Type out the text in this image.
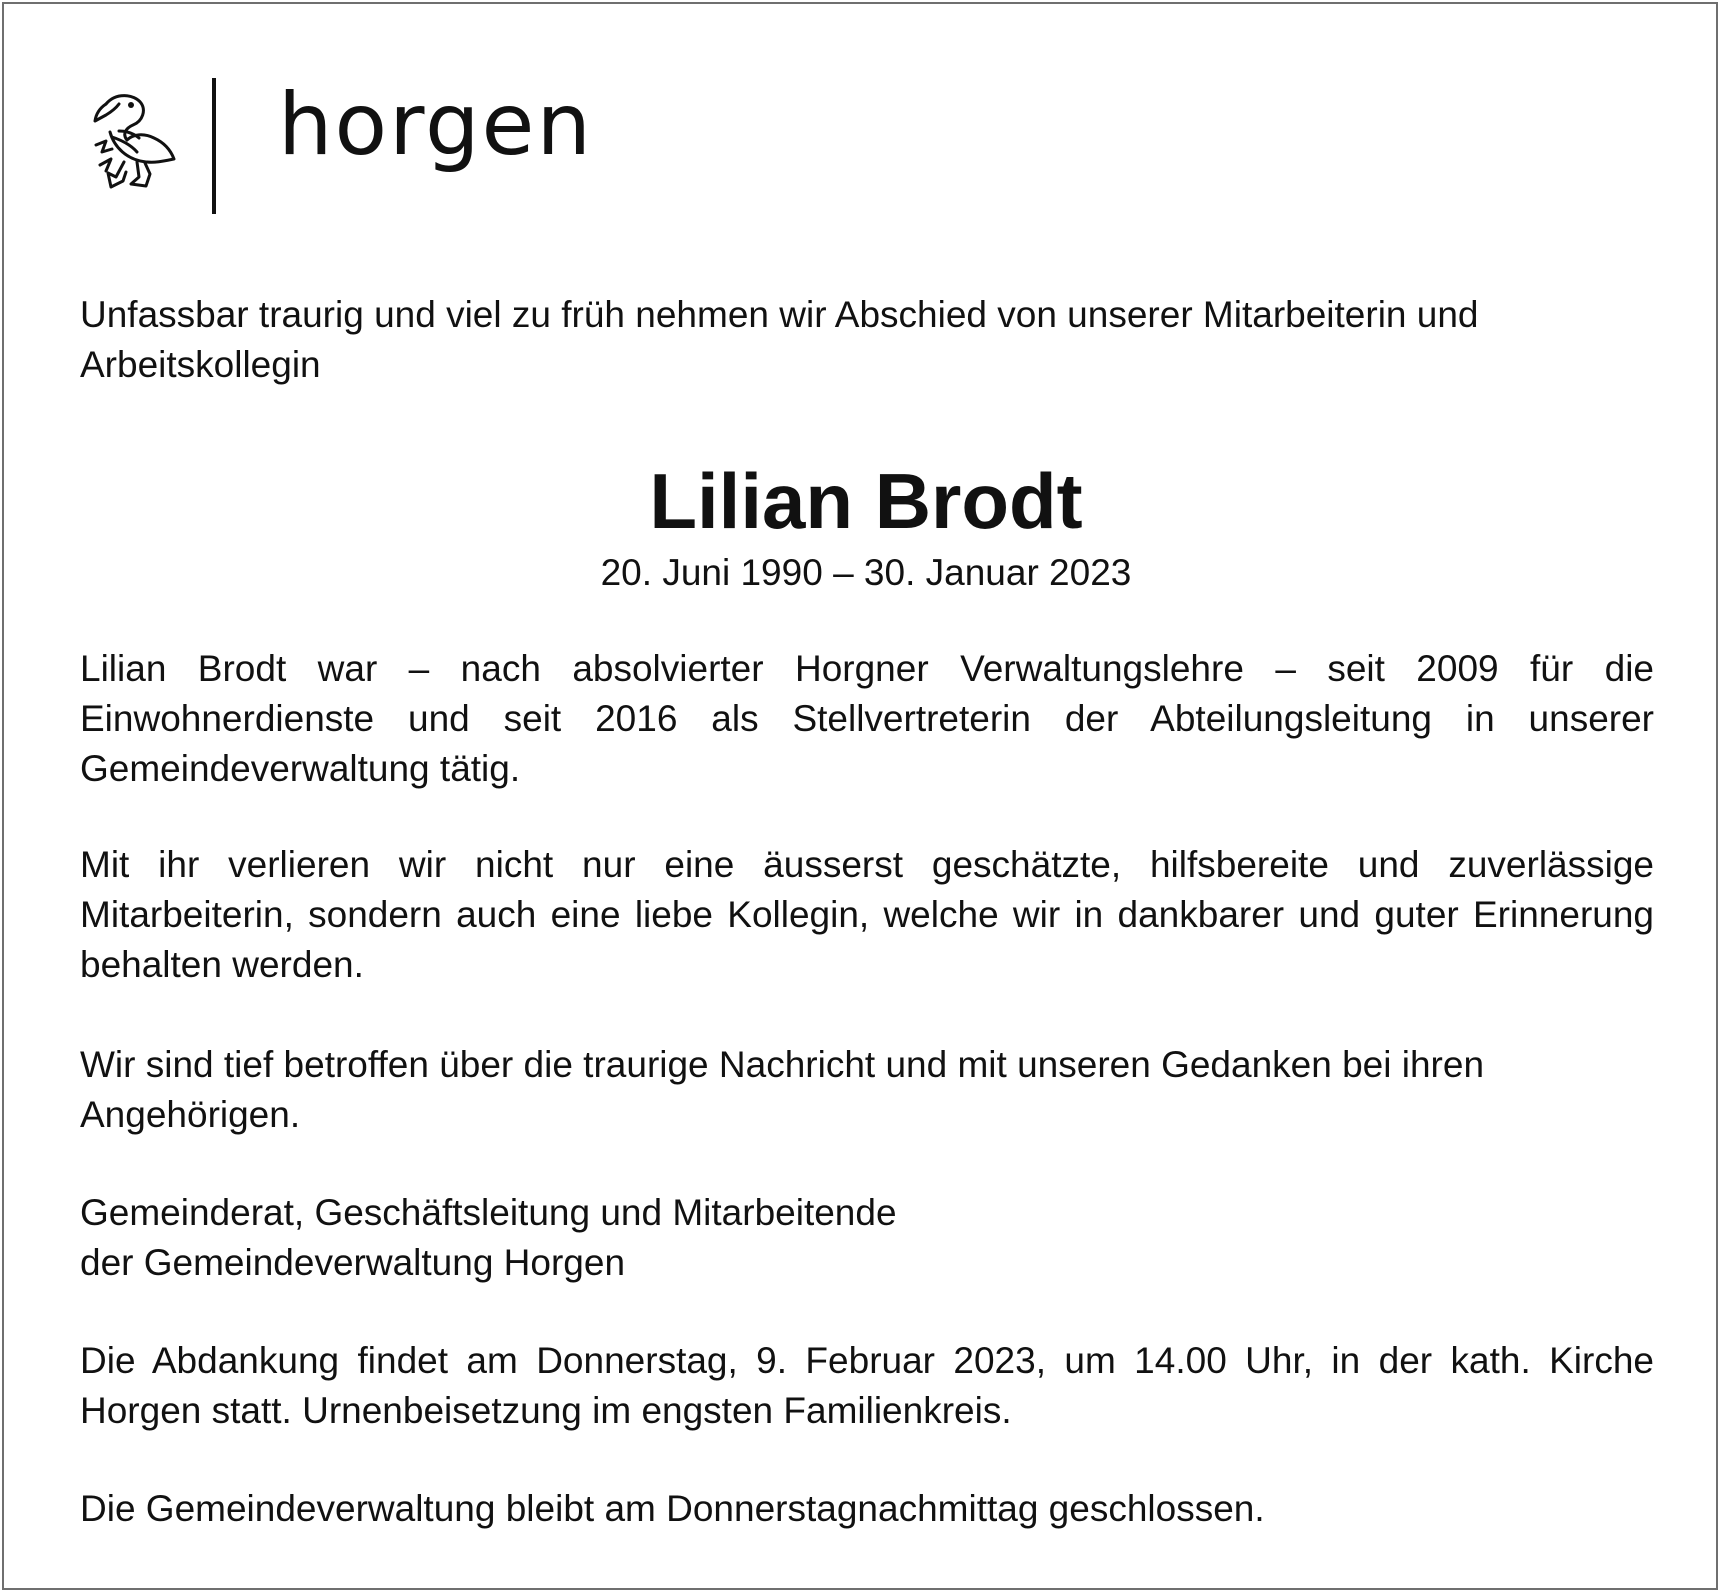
horgen
Unfassbar traurig und viel zu früh nehmen wir Abschied von unserer Mitarbeiterin und Arbeitskollegin
Lilian Brodt
20. Juni 1990 – 30. Januar 2023
Lilian Brodt war – nach absolvierter Horgner Verwaltungslehre – seit 2009 für die Einwohnerdienste und seit 2016 als Stellvertreterin der Abteilungsleitung in unserer Gemeindeverwaltung tätig.
Mit ihr verlieren wir nicht nur eine äusserst geschätzte, hilfsbereite und zuverlässige Mitarbeiterin, sondern auch eine liebe Kollegin, welche wir in dankbarer und guter Erinnerung behalten werden.
Wir sind tief betroffen über die traurige Nachricht und mit unseren Gedanken bei ihren Angehörigen.
Gemeinderat, Geschäftsleitung und Mitarbeitende
der Gemeindeverwaltung Horgen
Die Abdankung findet am Donnerstag, 9. Februar 2023, um 14.00 Uhr, in der kath. Kirche Horgen statt. Urnenbeisetzung im engsten Familienkreis.
Die Gemeindeverwaltung bleibt am Donnerstagnachmittag geschlossen.
